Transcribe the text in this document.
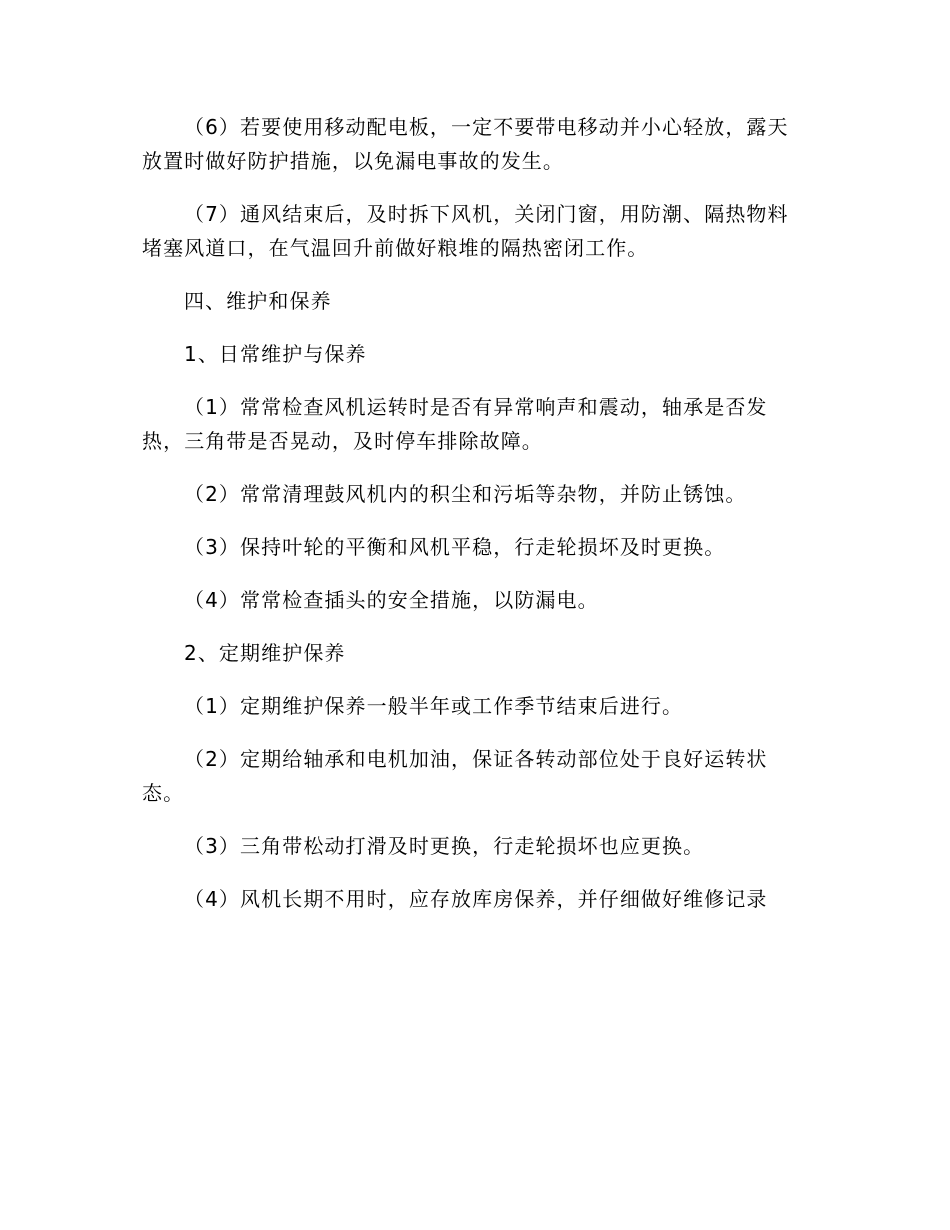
（6）若要使用移动配电板，一定不要带电移动并小心轻放，露天放置时做好防护措施，以免漏电事故的发生。

（7）通风结束后，及时拆下风机，关闭门窗，用防潮、隔热物料堵塞风道口，在气温回升前做好粮堆的隔热密闭工作。

四、维护和保养

1、日常维护与保养

（1）常常检查风机运转时是否有异常响声和震动，轴承是否发热，三角带是否晃动，及时停车排除故障。

（2）常常清理鼓风机内的积尘和污垢等杂物，并防止锈蚀。

（3）保持叶轮的平衡和风机平稳，行走轮损坏及时更换。

（4）常常检查插头的安全措施，以防漏电。

2、定期维护保养

（1）定期维护保养一般半年或工作季节结束后进行。

（2）定期给轴承和电机加油，保证各转动部位处于良好运转状态。

（3）三角带松动打滑及时更换，行走轮损坏也应更换。

（4）风机长期不用时，应存放库房保养，并仔细做好维修记录
